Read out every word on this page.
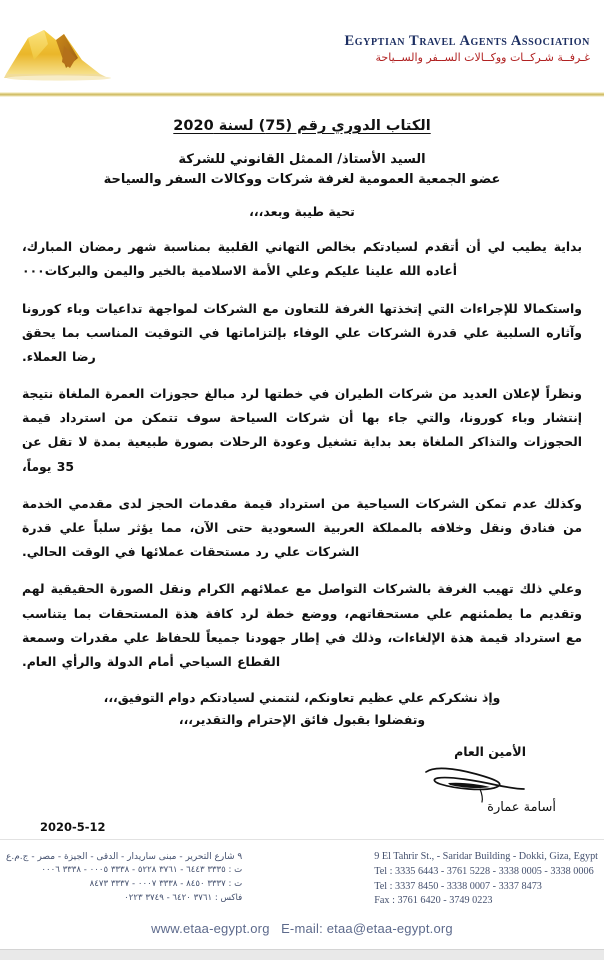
Egyptian Travel Agents Association
غـرفــة شـركــات ووكــالات الســفر والســياحة
الكتاب الدوري رقم (75) لسنة 2020
السيد الأستاذ/ الممثل القانوني للشركة
عضو الجمعية العمومية لغرفة شركات ووكالات السفر والسياحة
تحية طيبة وبعد،،،

بداية يطيب لي أن أتقدم لسيادتكم بخالص التهاني القلبية بمناسبة شهر رمضان المبارك، أعاده الله علينا عليكم وعلي الأمة الاسلامية بالخير واليمن والبركات٠٠٠

واستكمالا للإجراءات التي إتخذتها الغرفة للتعاون مع الشركات لمواجهة تداعيات وباء كورونا وآثاره السلبية علي قدرة الشركات علي الوفاء بإلتزاماتها في التوقيت المناسب بما يحقق رضا العملاء.

ونظراً لإعلان العديد من شركات الطيران في خطتها لرد مبالغ حجوزات العمرة الملغاة نتيجة إنتشار وباء كورونا، والتي جاء بها أن شركات السياحة سوف تتمكن من استرداد قيمة الحجوزات والتذاكر الملغاة بعد بداية تشغيل وعودة الرحلات بصورة طبيعية بمدة لا تقل عن 35 يوماً،

وكذلك عدم تمكن الشركات السياحية من استرداد قيمة مقدمات الحجز لدى مقدمي الخدمة من فنادق ونقل وخلافه بالمملكة العربية السعودية حتى الآن، مما يؤثر سلباً علي قدرة الشركات علي رد مستحقات عملائها في الوقت الحالي.

وعلي ذلك تهيب الغرفة بالشركات التواصل مع عملائهم الكرام ونقل الصورة الحقيقية لهم وتقديم ما يطمئنهم علي مستحقاتهم، ووضع خطة لرد كافة هذة المستحقات بما يتناسب مع استرداد قيمة هذة الإلغاءات، وذلك في إطار جهودنا جميعاً للحفاظ علي مقدرات وسمعة القطاع السياحي أمام الدولة والرأي العام.

وإذ نشكركم علي عظيم تعاونكم، لنتمني لسيادتكم دوام التوفيق،،،
وتفضلوا بقبول فائق الإحترام والتقدير،،،
الأمين العام
أسامة عمارة
2020-5-12
9 El Tahrir St., - Saridar Building - Dokki, Giza, Egypt
Tel : 3335 6443 - 3761 5228 - 3338 0005 - 3338 0006
Tel : 3337 8450 - 3338 0007 - 3337 8473
Fax : 3761 6420 - 3749 0223
٩ شارع التحرير - مبنى ساريدار - الدقى - الجيزة - مصر - ج.م.ع
ت : ٣٣٣٥ ٦٤٤٣ - ٣٧٦١ ٥٢٢٨ - ٣٣٣٨ ٠٠٠٥ - ٣٣٣٨ ٠٠٠٦
ت : ٣٣٣٧ ٨٤٥٠ - ٣٣٣٨ ٠٠٠٧ - ٣٣٣٧ ٨٤٧٣
فاكس : ٣٧٦١ ٦٤٢٠ - ٣٧٤٩ ٠٢٢٣
www.etaa-egypt.org E-mail: etaa@etaa-egypt.org
